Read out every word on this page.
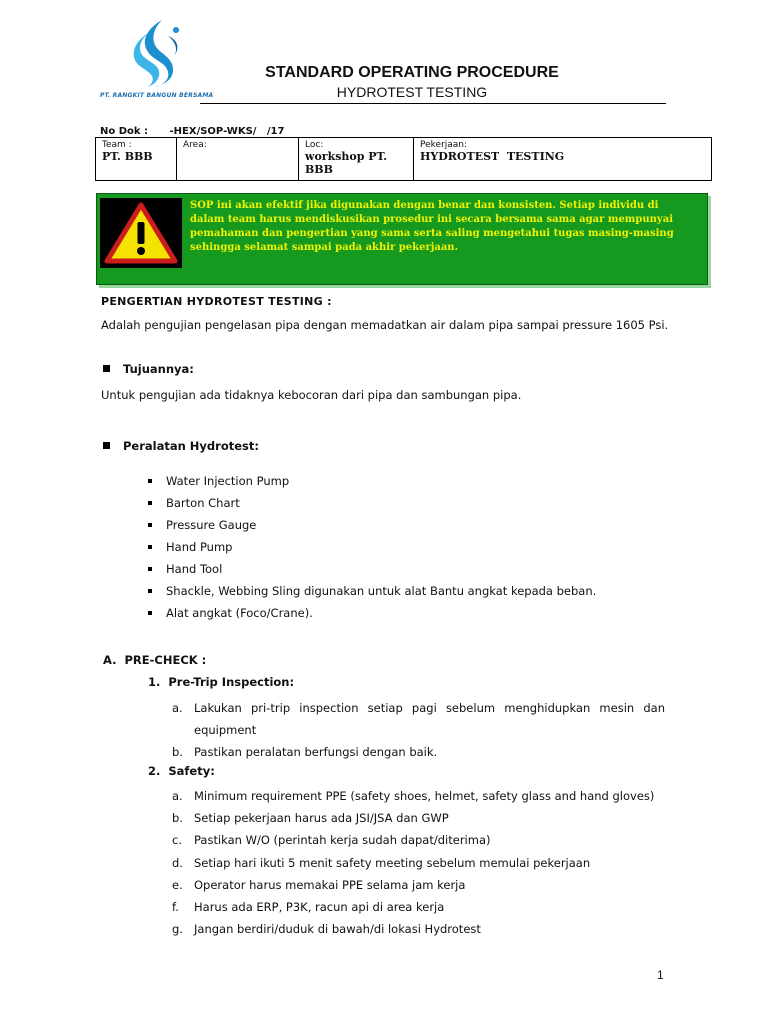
PT. RANGKIT BANGUN BERSAMA
STANDARD OPERATING PROCEDURE
HYDROTEST TESTING
No Dok : -HEX/SOP-WKS/   /17
Team :
PT. BBB
Area:	Loc:
workshop PT. BBB
Pekerjaan:
HYDROTEST  TESTING
SOP ini akan efektif jika digunakan dengan benar dan konsisten. Setiap individu di
dalam team harus mendiskusikan prosedur ini secara bersama sama agar mempunyai
pemahaman dan pengertian yang sama serta saling mengetahui tugas masing-masing
sehingga selamat sampai pada akhir pekerjaan.
PENGERTIAN HYDROTEST TESTING :
Adalah pengujian pengelasan pipa dengan memadatkan air dalam pipa sampai pressure 1605 Psi.
Tujuannya:
Untuk pengujian ada tidaknya kebocoran dari pipa dan sambungan pipa.
Peralatan Hydrotest:
Water Injection Pump
Barton Chart
Pressure Gauge
Hand Pump
Hand Tool
Shackle, Webbing Sling digunakan untuk alat Bantu angkat kepada beban.
Alat angkat (Foco/Crane).
A.  PRE-CHECK :
1.  Pre-Trip Inspection:
a. Lakukan pri-trip inspection setiap pagi sebelum menghidupkan mesin dan
equipment
b. Pastikan peralatan berfungsi dengan baik.
2.  Safety:
a. Minimum requirement PPE (safety shoes, helmet, safety glass and hand gloves)
b. Setiap pekerjaan harus ada JSI/JSA dan GWP
c.	Pastikan W/O (perintah kerja sudah dapat/diterima)
d. Setiap hari ikuti 5 menit safety meeting sebelum memulai pekerjaan
e. Operator harus memakai PPE selama jam kerja
f.	Harus ada ERP, P3K, racun api di area kerja
g. Jangan berdiri/duduk di bawah/di lokasi Hydrotest
1
